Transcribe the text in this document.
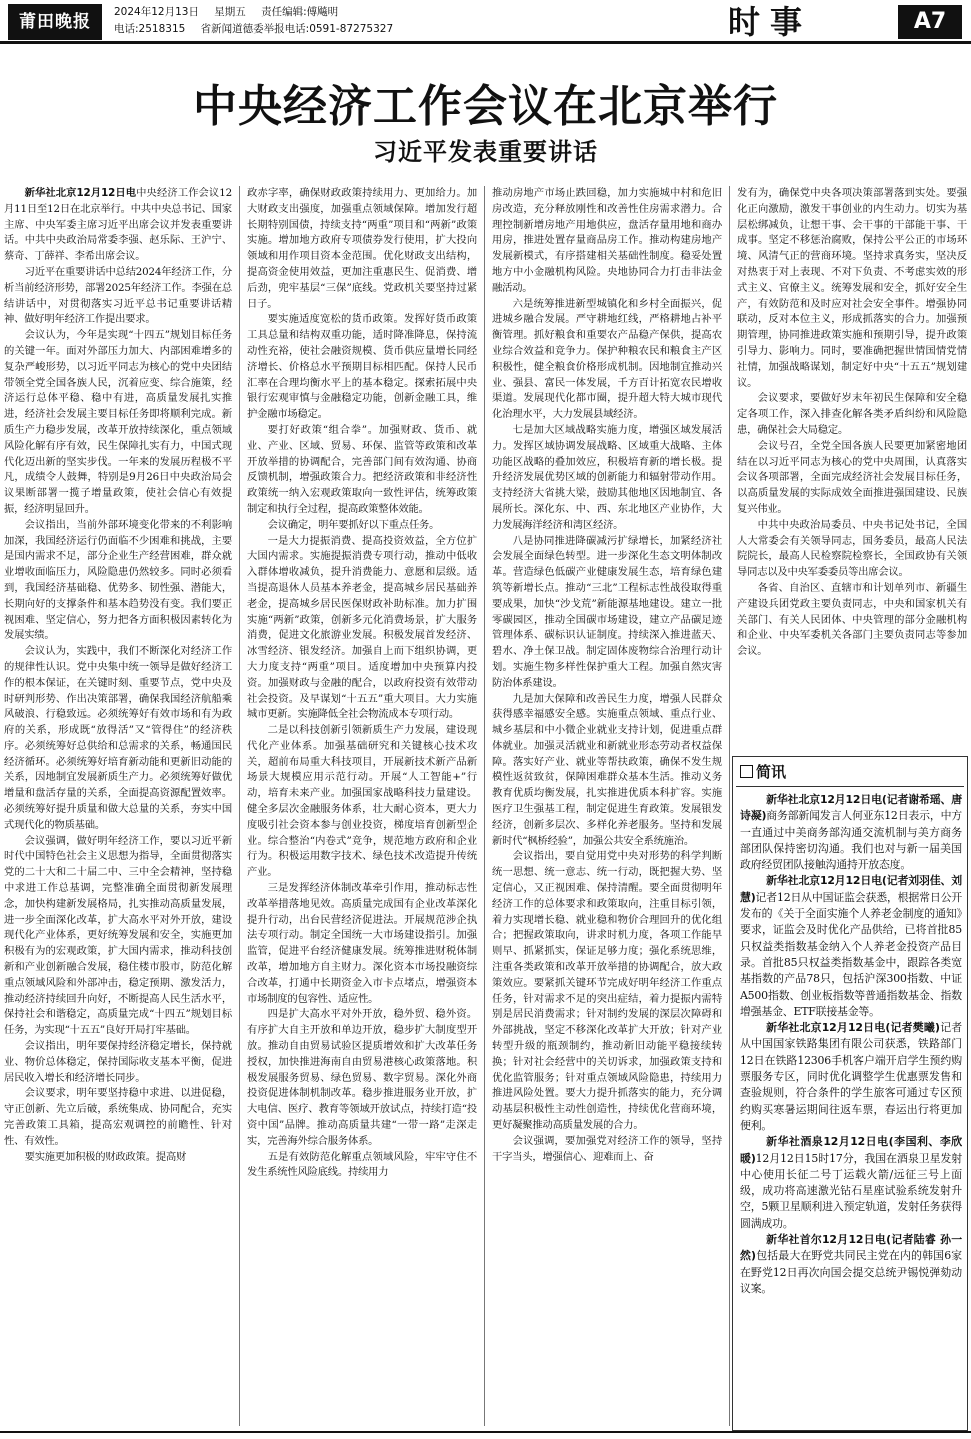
莆田晚报	2024年12月13日 星期五 责任编辑:傅飚明
电话:2518315 省新闻道德委举报电话:0591-87275327	时事	A7
中央经济工作会议在北京举行
习近平发表重要讲话

新华社北京12月12日电中央经济工作会议12月11日至12日在北京举行。中共中央总书记、国家主席、中央军委主席习近平出席会议并发表重要讲话。中共中央政治局常委李强、赵乐际、王沪宁、蔡奇、丁薛祥、李希出席会议。

习近平在重要讲话中总结2024年经济工作，分析当前经济形势，部署2025年经济工作。李强在总结讲话中，对贯彻落实习近平总书记重要讲话精神、做好明年经济工作提出要求。

会议认为，今年是实现“十四五”规划目标任务的关键一年。面对外部压力加大、内部困难增多的复杂严峻形势，以习近平同志为核心的党中央团结带领全党全国各族人民，沉着应变、综合施策，经济运行总体平稳、稳中有进，高质量发展扎实推进，经济社会发展主要目标任务即将顺利完成。新质生产力稳步发展，改革开放持续深化，重点领域风险化解有序有效，民生保障扎实有力，中国式现代化迈出新的坚实步伐。一年来的发展历程极不平凡，成绩令人鼓舞，特别是9月26日中央政治局会议果断部署一揽子增量政策，使社会信心有效提振，经济明显回升。

会议指出，当前外部环境变化带来的不利影响加深，我国经济运行仍面临不少困难和挑战，主要是国内需求不足，部分企业生产经营困难，群众就业增收面临压力，风险隐患仍然较多。同时必须看到，我国经济基础稳、优势多、韧性强、潜能大，长期向好的支撑条件和基本趋势没有变。我们要正视困难、坚定信心，努力把各方面积极因素转化为发展实绩。

会议认为，实践中，我们不断深化对经济工作的规律性认识。党中央集中统一领导是做好经济工作的根本保证，在关键时刻、重要节点，党中央及时研判形势、作出决策部署，确保我国经济航船乘风破浪、行稳致远。必须统筹好有效市场和有为政府的关系，形成既“放得活”又“管得住”的经济秩序。必须统筹好总供给和总需求的关系，畅通国民经济循环。必须统筹好培育新动能和更新旧动能的关系，因地制宜发展新质生产力。必须统筹好做优增量和盘活存量的关系，全面提高资源配置效率。必须统筹好提升质量和做大总量的关系，夯实中国式现代化的物质基础。

会议强调，做好明年经济工作，要以习近平新时代中国特色社会主义思想为指导，全面贯彻落实党的二十大和二十届二中、三中全会精神，坚持稳中求进工作总基调，完整准确全面贯彻新发展理念，加快构建新发展格局，扎实推动高质量发展，进一步全面深化改革，扩大高水平对外开放，建设现代化产业体系，更好统筹发展和安全，实施更加积极有为的宏观政策，扩大国内需求，推动科技创新和产业创新融合发展，稳住楼市股市，防范化解重点领域风险和外部冲击，稳定预期、激发活力，推动经济持续回升向好，不断提高人民生活水平，保持社会和谐稳定，高质量完成“十四五”规划目标任务，为实现“十五五”良好开局打牢基础。

会议指出，明年要保持经济稳定增长，保持就业、物价总体稳定，保持国际收支基本平衡，促进居民收入增长和经济增长同步。

会议要求，明年要坚持稳中求进、以进促稳，守正创新、先立后破，系统集成、协同配合，充实完善政策工具箱，提高宏观调控的前瞻性、针对性、有效性。

要实施更加积极的财政政策。提高财

政赤字率，确保财政政策持续用力、更加给力。加大财政支出强度，加强重点领域保障。增加发行超长期特别国债，持续支持“两重”项目和“两新”政策实施。增加地方政府专项债券发行使用，扩大投向领域和用作项目资本金范围。优化财政支出结构，提高资金使用效益，更加注重惠民生、促消费、增后劲，兜牢基层“三保”底线。党政机关要坚持过紧日子。

要实施适度宽松的货币政策。发挥好货币政策工具总量和结构双重功能，适时降准降息，保持流动性充裕，使社会融资规模、货币供应量增长同经济增长、价格总水平预期目标相匹配。保持人民币汇率在合理均衡水平上的基本稳定。探索拓展中央银行宏观审慎与金融稳定功能，创新金融工具，维护金融市场稳定。

要打好政策“组合拳”。加强财政、货币、就业、产业、区域、贸易、环保、监管等政策和改革开放举措的协调配合，完善部门间有效沟通、协商反馈机制，增强政策合力。把经济政策和非经济性政策统一纳入宏观政策取向一致性评估，统筹政策制定和执行全过程，提高政策整体效能。

会议确定，明年要抓好以下重点任务。

一是大力提振消费、提高投资效益，全方位扩大国内需求。实施提振消费专项行动，推动中低收入群体增收减负，提升消费能力、意愿和层级。适当提高退休人员基本养老金，提高城乡居民基础养老金，提高城乡居民医保财政补助标准。加力扩围实施“两新”政策，创新多元化消费场景，扩大服务消费，促进文化旅游业发展。积极发展首发经济、冰雪经济、银发经济。加强自上而下组织协调，更大力度支持“两重”项目。适度增加中央预算内投资。加强财政与金融的配合，以政府投资有效带动社会投资。及早谋划“十五五”重大项目。大力实施城市更新。实施降低全社会物流成本专项行动。

二是以科技创新引领新质生产力发展，建设现代化产业体系。加强基础研究和关键核心技术攻关，超前布局重大科技项目，开展新技术新产品新场景大规模应用示范行动。开展“人工智能+”行动，培育未来产业。加强国家战略科技力量建设。健全多层次金融服务体系，壮大耐心资本，更大力度吸引社会资本参与创业投资，梯度培育创新型企业。综合整治“内卷式”竞争，规范地方政府和企业行为。积极运用数字技术、绿色技术改造提升传统产业。

三是发挥经济体制改革牵引作用，推动标志性改革举措落地见效。高质量完成国有企业改革深化提升行动，出台民营经济促进法。开展规范涉企执法专项行动。制定全国统一大市场建设指引。加强监管，促进平台经济健康发展。统筹推进财税体制改革，增加地方自主财力。深化资本市场投融资综合改革，打通中长期资金入市卡点堵点，增强资本市场制度的包容性、适应性。

四是扩大高水平对外开放，稳外贸、稳外资。有序扩大自主开放和单边开放，稳步扩大制度型开放。推动自由贸易试验区提质增效和扩大改革任务授权，加快推进海南自由贸易港核心政策落地。积极发展服务贸易、绿色贸易、数字贸易。深化外商投资促进体制机制改革。稳步推进服务业开放，扩大电信、医疗、教育等领域开放试点，持续打造“投资中国”品牌。推动高质量共建“一带一路”走深走实，完善海外综合服务体系。

五是有效防范化解重点领域风险，牢牢守住不发生系统性风险底线。持续用力

推动房地产市场止跌回稳，加力实施城中村和危旧房改造，充分释放刚性和改善性住房需求潜力。合理控制新增房地产用地供应，盘活存量用地和商办用房，推进处置存量商品房工作。推动构建房地产发展新模式，有序搭建相关基础性制度。稳妥处置地方中小金融机构风险。央地协同合力打击非法金融活动。

六是统筹推进新型城镇化和乡村全面振兴，促进城乡融合发展。严守耕地红线，严格耕地占补平衡管理。抓好粮食和重要农产品稳产保供，提高农业综合效益和竞争力。保护种粮农民和粮食主产区积极性，健全粮食价格形成机制。因地制宜推动兴业、强县、富民一体发展，千方百计拓宽农民增收渠道。发展现代化都市圈，提升超大特大城市现代化治理水平，大力发展县域经济。

七是加大区域战略实施力度，增强区域发展活力。发挥区域协调发展战略、区域重大战略、主体功能区战略的叠加效应，积极培育新的增长极。提升经济发展优势区域的创新能力和辐射带动作用。支持经济大省挑大梁，鼓励其他地区因地制宜、各展所长。深化东、中、西、东北地区产业协作，大力发展海洋经济和湾区经济。

八是协同推进降碳减污扩绿增长，加紧经济社会发展全面绿色转型。进一步深化生态文明体制改革。营造绿色低碳产业健康发展生态，培育绿色建筑等新增长点。推动“三北”工程标志性战役取得重要成果，加快“沙戈荒”新能源基地建设。建立一批零碳园区，推动全国碳市场建设，建立产品碳足迹管理体系、碳标识认证制度。持续深入推进蓝天、碧水、净土保卫战。制定固体废物综合治理行动计划。实施生物多样性保护重大工程。加强自然灾害防治体系建设。

九是加大保障和改善民生力度，增强人民群众获得感幸福感安全感。实施重点领域、重点行业、城乡基层和中小微企业就业支持计划，促进重点群体就业。加强灵活就业和新就业形态劳动者权益保障。落实好产业、就业等帮扶政策，确保不发生规模性返贫致贫，保障困难群众基本生活。推动义务教育优质均衡发展，扎实推进优质本科扩容。实施医疗卫生强基工程，制定促进生育政策。发展银发经济，创新多层次、多样化养老服务。坚持和发展新时代“枫桥经验”，加强公共安全系统施治。

会议指出，要自觉用党中央对形势的科学判断统一思想、统一意志、统一行动，既把握大势、坚定信心，又正视困难、保持清醒。要全面贯彻明年经济工作的总体要求和政策取向，注重目标引领，着力实现增长稳、就业稳和物价合理回升的优化组合；把握政策取向，讲求时机力度，各项工作能早则早、抓紧抓实，保证足够力度；强化系统思维，注重各类政策和改革开放举措的协调配合，放大政策效应。要紧抓关键环节完成好明年经济工作重点任务，针对需求不足的突出症结，着力提振内需特别是居民消费需求；针对制约发展的深层次障碍和外部挑战，坚定不移深化改革扩大开放；针对产业转型升级的瓶颈制约，推动新旧动能平稳接续转换；针对社会经营中的关切诉求，加强政策支持和优化监管服务；针对重点领域风险隐患，持续用力推进风险处置。要大力提升抓落实的能力，充分调动基层积极性主动性创造性，持续优化营商环境，更好凝聚推动高质量发展的合力。

会议强调，要加强党对经济工作的领导，坚持干字当头，增强信心、迎难而上、奋

发有为，确保党中央各项决策部署落到实处。要强化正向激励，激发干事创业的内生动力。切实为基层松绑减负，让想干事、会干事的干部能干事、干成事。坚定不移惩治腐败，保持公平公正的市场环境、风清气正的营商环境。坚持求真务实，坚决反对热衷于对上表现、不对下负责、不考虑实效的形式主义、官僚主义。统筹发展和安全，抓好安全生产，有效防范和及时应对社会安全事件。增强协同联动，反对本位主义，形成抓落实的合力。加强预期管理，协同推进政策实施和预期引导，提升政策引导力、影响力。同时，要准确把握世情国情党情社情，加强战略谋划，制定好中央“十五五”规划建议。

会议要求，要做好岁末年初民生保障和安全稳定各项工作，深入排查化解各类矛盾纠纷和风险隐患，确保社会大局稳定。

会议号召，全党全国各族人民要更加紧密地团结在以习近平同志为核心的党中央周围，认真落实会议各项部署，全面完成经济社会发展目标任务，以高质量发展的实际成效全面推进强国建设、民族复兴伟业。

中共中央政治局委员、中央书记处书记，全国人大常委会有关领导同志，国务委员，最高人民法院院长，最高人民检察院检察长，全国政协有关领导同志以及中央军委委员等出席会议。

各省、自治区、直辖市和计划单列市、新疆生产建设兵团党政主要负责同志，中央和国家机关有关部门、有关人民团体、中央管理的部分金融机构和企业、中央军委机关各部门主要负责同志等参加会议。

简讯

新华社北京12月12日电(记者谢希瑶、唐诗凝)商务部新闻发言人何亚东12日表示，中方一直通过中美商务部沟通交流机制与美方商务部团队保持密切沟通。我们也对与新一届美国政府经贸团队接触沟通持开放态度。

新华社北京12月12日电(记者刘羽佳、刘慧)记者12日从中国证监会获悉，根据常日公开发布的《关于全面实施个人养老金制度的通知》要求，证监会及时优化产品供给，已将首批85只权益类指数基金纳入个人养老金投资产品目录。首批85只权益类指数基金中，跟踪各类宽基指数的产品78只，包括沪深300指数、中证A500指数、创业板指数等普通指数基金、指数增强基金、ETF联接基金等。

新华社北京12月12日电(记者樊曦)记者从中国国家铁路集团有限公司获悉，铁路部门12日在铁路12306手机客户端开启学生预约购票服务专区，同时优化调整学生优惠票发售和查验规则，符合条件的学生旅客可通过专区预约购买寒暑运期间往返车票，春运出行将更加便利。

新华社酒泉12月12日电(李国利、李欣暖)12月12日15时17分，我国在酒泉卫星发射中心使用长征二号丁运载火箭/远征三号上面级，成功将高速激光钻石星座试验系统发射升空，5颗卫星顺利进入预定轨道，发射任务获得圆满成功。

新华社首尔12月12日电(记者陆睿 孙一然)包括最大在野党共同民主党在内的韩国6家在野党12日再次向国会提交总统尹锡悦弹劾动议案。
